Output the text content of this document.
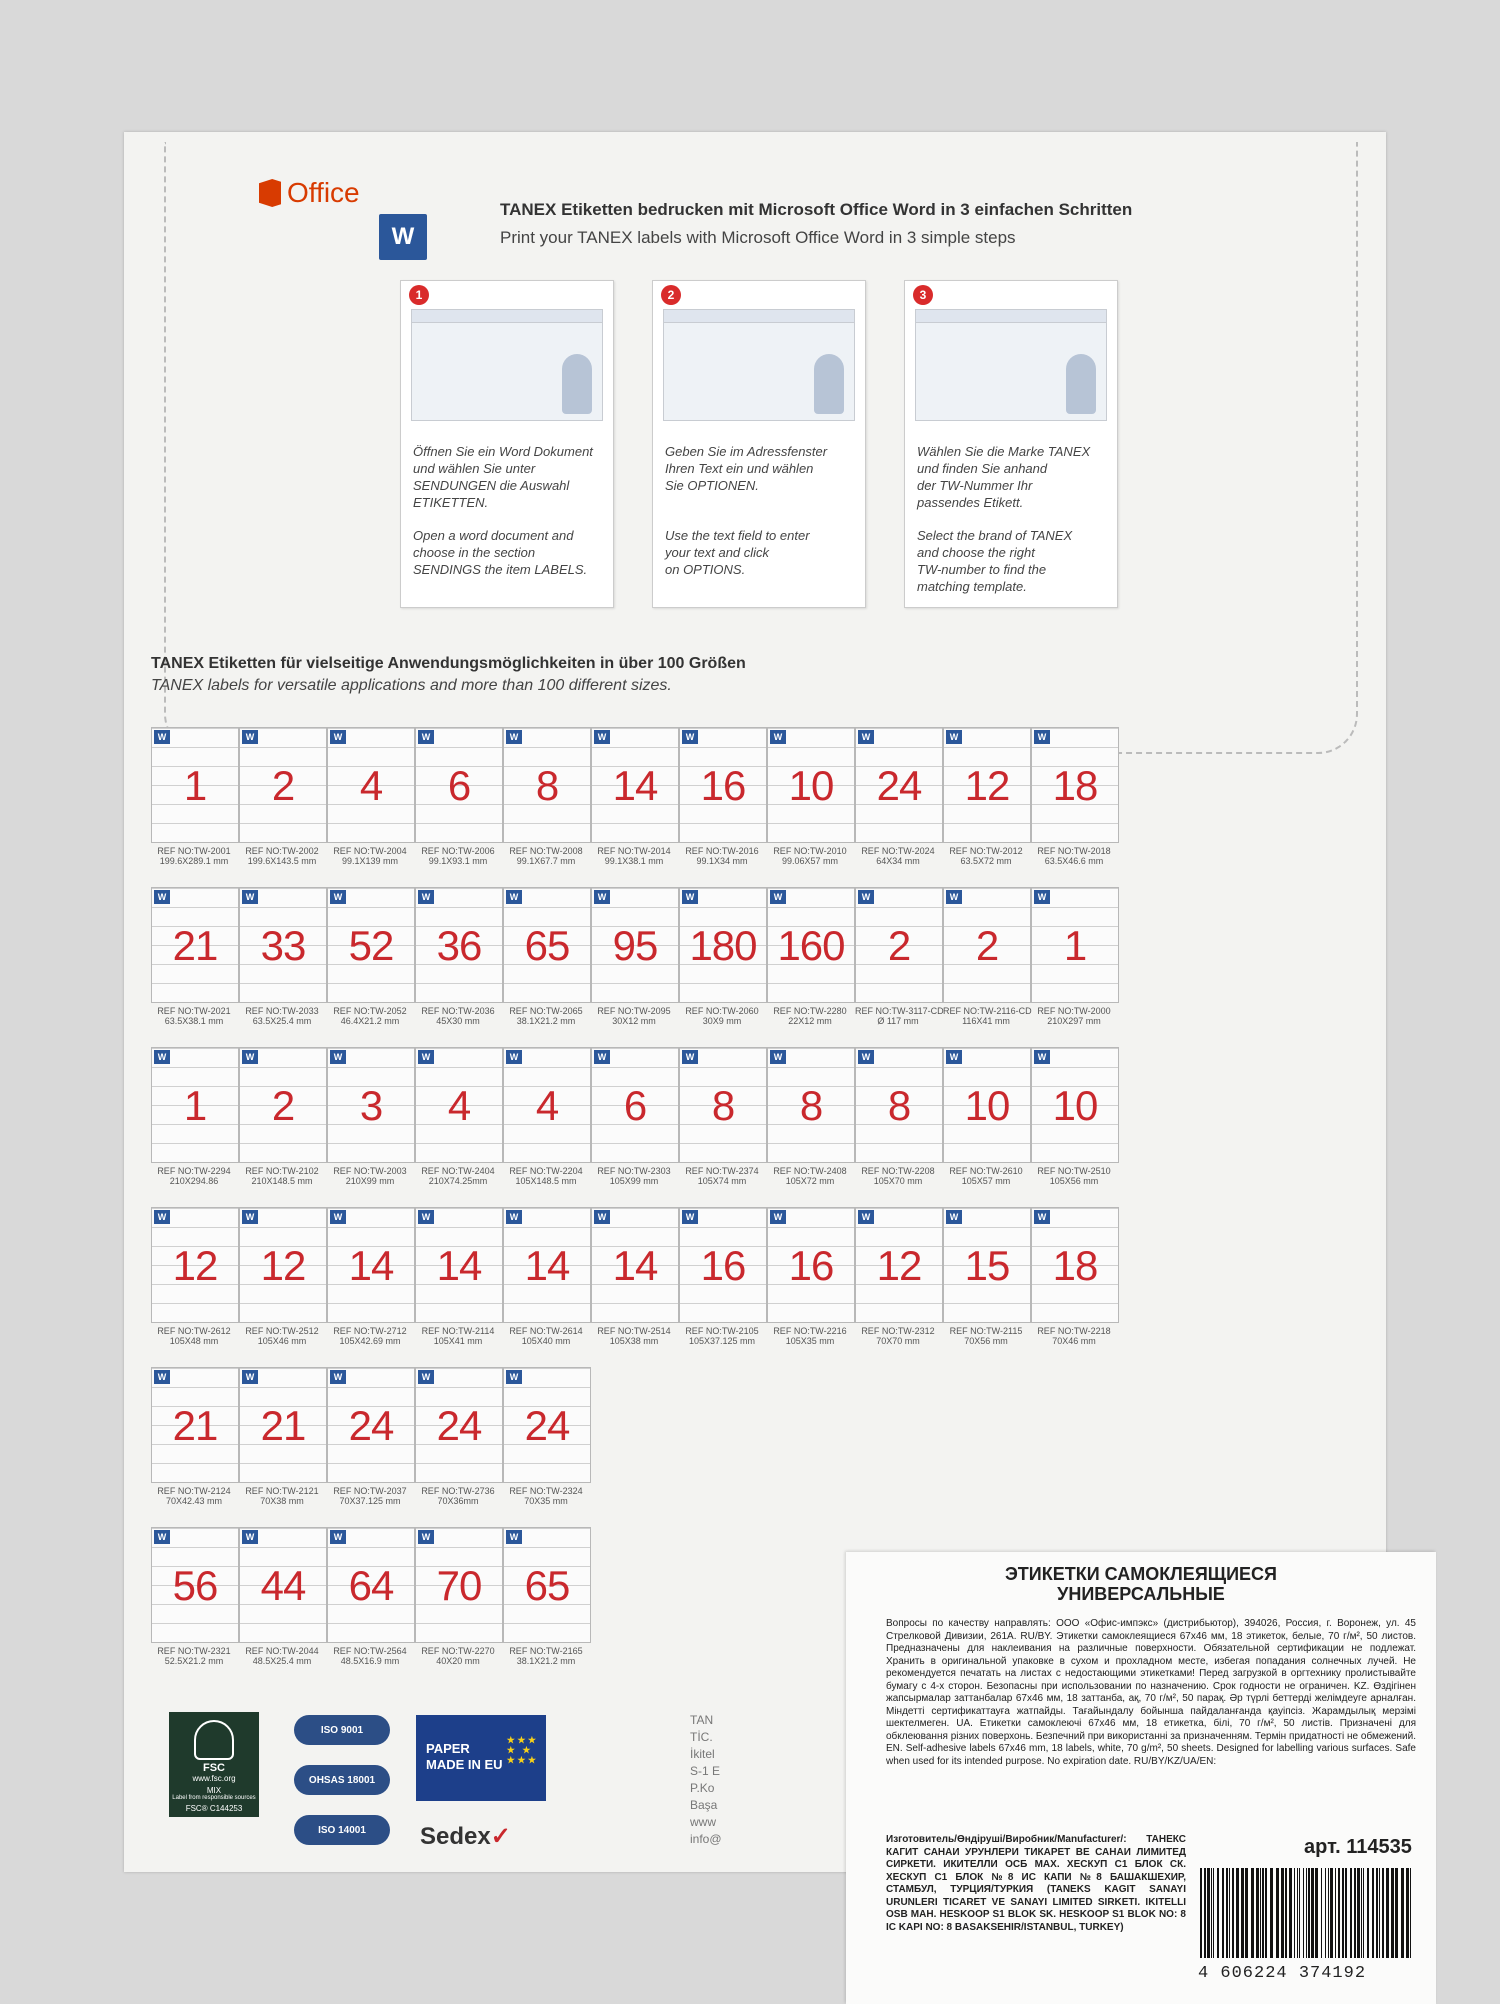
Office
W
TANEX Etiketten bedrucken mit Microsoft Office Word in 3 einfachen Schritten
Print your TANEX labels with Microsoft Office Word in 3 simple steps
1
Öffnen Sie ein Word Dokument
und wählen Sie unter
SENDUNGEN die Auswahl
ETIKETTEN.
Open a word document and
choose in the section
SENDINGS the item LABELS.
2
Geben Sie im Adressfenster
Ihren Text ein und wählen
Sie OPTIONEN.
Use the text field to enter
your text and click
on OPTIONS.
3
Wählen Sie die Marke TANEX
und finden Sie anhand
der TW-Nummer Ihr
passendes Etikett.
Select the brand of TANEX
and choose the right
TW-number to find the
matching template.
TANEX Etiketten für vielseitige Anwendungsmöglichkeiten in über 100 Größen
TANEX labels for versatile applications and more than 100 different sizes.
W
1
REF NO:TW-2001
199.6X289.1 mm
W
2
REF NO:TW-2002
199.6X143.5 mm
W
4
REF NO:TW-2004
99.1X139 mm
W
6
REF NO:TW-2006
99.1X93.1 mm
W
8
REF NO:TW-2008
99.1X67.7 mm
W
14
REF NO:TW-2014
99.1X38.1 mm
W
16
REF NO:TW-2016
99.1X34 mm
W
10
REF NO:TW-2010
99.06X57 mm
W
24
REF NO:TW-2024
64X34 mm
W
12
REF NO:TW-2012
63.5X72 mm
W
18
REF NO:TW-2018
63.5X46.6 mm
W
21
REF NO:TW-2021
63.5X38.1 mm
W
33
REF NO:TW-2033
63.5X25.4 mm
W
52
REF NO:TW-2052
46.4X21.2 mm
W
36
REF NO:TW-2036
45X30 mm
W
65
REF NO:TW-2065
38.1X21.2 mm
W
95
REF NO:TW-2095
30X12 mm
W
180
REF NO:TW-2060
30X9 mm
W
160
REF NO:TW-2280
22X12 mm
W
2
REF NO:TW-3117-CD
Ø 117 mm
W
2
REF NO:TW-2116-CD
116X41 mm
W
1
REF NO:TW-2000
210X297 mm
W
1
REF NO:TW-2294
210X294.86
W
2
REF NO:TW-2102
210X148.5 mm
W
3
REF NO:TW-2003
210X99 mm
W
4
REF NO:TW-2404
210X74.25mm
W
4
REF NO:TW-2204
105X148.5 mm
W
6
REF NO:TW-2303
105X99 mm
W
8
REF NO:TW-2374
105X74 mm
W
8
REF NO:TW-2408
105X72 mm
W
8
REF NO:TW-2208
105X70 mm
W
10
REF NO:TW-2610
105X57 mm
W
10
REF NO:TW-2510
105X56 mm
W
12
REF NO:TW-2612
105X48 mm
W
12
REF NO:TW-2512
105X46 mm
W
14
REF NO:TW-2712
105X42.69 mm
W
14
REF NO:TW-2114
105X41 mm
W
14
REF NO:TW-2614
105X40 mm
W
14
REF NO:TW-2514
105X38 mm
W
16
REF NO:TW-2105
105X37.125 mm
W
16
REF NO:TW-2216
105X35 mm
W
12
REF NO:TW-2312
70X70 mm
W
15
REF NO:TW-2115
70X56 mm
W
18
REF NO:TW-2218
70X46 mm
W
21
REF NO:TW-2124
70X42.43 mm
W
21
REF NO:TW-2121
70X38 mm
W
24
REF NO:TW-2037
70X37.125 mm
W
24
REF NO:TW-2736
70X36mm
W
24
REF NO:TW-2324
70X35 mm
W
56
REF NO:TW-2321
52.5X21.2 mm
W
44
REF NO:TW-2044
48.5X25.4 mm
W
64
REF NO:TW-2564
48.5X16.9 mm
W
70
REF NO:TW-2270
40X20 mm
W
65
REF NO:TW-2165
38.1X21.2 mm
FSC
www.fsc.org
MIX
Label from responsible sources
FSC® C144253
ISO 9001
OHSAS 18001
ISO 14001
PAPER
MADE IN EU
★ ★ ★
★   ★
★ ★ ★
Sedex✓
TAN
TİC.
İkitel
S-1 E
P.Ko
Başa
www
info@
ЭТИКЕТКИ САМОКЛЕЯЩИЕСЯ
УНИВЕРСАЛЬНЫЕ
Вопросы по качеству направлять: ООО «Офис-импэкс» (дистрибьютор), 394026, Россия, г. Воронеж, ул. 45 Стрелковой Дивизии, 261А. RU/BY. Этикетки самоклеящиеся 67х46 мм, 18 этикеток, белые, 70 г/м², 50 листов. Предназначены для наклеивания на различные поверхности. Обязательной сертификации не подлежат. Хранить в оригинальной упаковке в сухом и прохладном месте, избегая попадания солнечных лучей. Не рекомендуется печатать на листах с недостающими этикетками! Перед загрузкой в оргтехнику пролистывайте бумагу с 4-х сторон. Безопасны при использовании по назначению. Срок годности не ограничен. KZ. Өздігінен жапсырмалар заттанбалар 67х46 мм, 18 заттанба, ақ, 70 г/м², 50 парақ. Әр түрлі беттерді желімдеуге арналған. Міндетті сертификаттауға жатпайды. Тағайындалу бойынша пайдаланғанда қауіпсіз. Жарамдылық мерзімі шектелмеген. UA. Етикетки самоклеючі 67х46 мм, 18 етикетка, білі, 70 г/м², 50 листів. Призначені для обклеювання різних поверхонь. Безпечний при використанні за призначенням. Термін придатності не обмежений. EN. Self-adhesive labels 67x46 mm, 18 labels, white, 70 g/m², 50 sheets. Designed for labelling various surfaces. Safe when used for its intended purpose. No expiration date. RU/BY/KZ/UA/EN:
Изготовитель/Өндіруші/Виробник/Manufacturer/: ТАНЕКС КАГИТ САНАИ УРУНЛЕРИ ТИКАРЕТ ВЕ САНАИ ЛИМИТЕД СИРКЕТИ. ИКИТЕЛЛИ ОСБ МАХ. ХЕСКУП С1 БЛОК СК. ХЕСКУП С1 БЛОК №8 ИС КАПИ №8 БАШАКШЕХИР, СТАМБУЛ, ТУРЦИЯ/ТУРКИЯ (TANEKS KAGIT SANAYI URUNLERI TICARET VE SANAYI LIMITED SIRKETI. IKITELLI OSB MAH. HESKOOP S1 BLOK SK. HESKOOP S1 BLOK NO: 8 IC KAPI NO: 8 BASAKSEHIR/ISTANBUL, TURKEY)
арт. 114535
4 606224 374192
